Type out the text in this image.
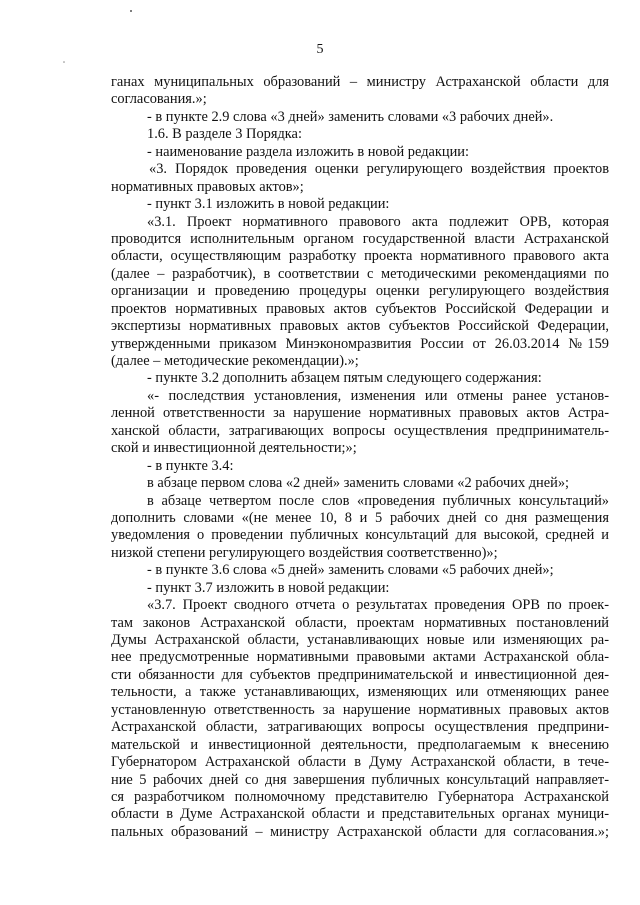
5
ганах муниципальных образований – министру Астраханской области для
согласования.»;
- в пункте 2.9 слова «3 дней» заменить словами «3 рабочих дней».
1.6. В разделе 3 Порядка:
- наименование раздела изложить в новой редакции:
«3. Порядок проведения оценки регулирующего воздействия проектов
нормативных правовых актов»;
- пункт 3.1 изложить в новой редакции:
«3.1. Проект нормативного правового акта подлежит ОРВ, которая
проводится исполнительным органом государственной власти Астраханской
области, осуществляющим разработку проекта нормативного правового акта
(далее – разработчик), в соответствии с методическими рекомендациями по
организации и проведению процедуры оценки регулирующего воздействия
проектов нормативных правовых актов субъектов Российской Федерации и
экспертизы нормативных правовых актов субъектов Российской Федерации,
утвержденными приказом Минэкономразвития России от 26.03.2014 №159
(далее – методические рекомендации).»;
- пункте 3.2 дополнить абзацем пятым следующего содержания:
«- последствия установления, изменения или отмены ранее установ-
ленной ответственности за нарушение нормативных правовых актов Астра-
ханской области, затрагивающих вопросы осуществления предприниматель-
ской и инвестиционной деятельности;»;
- в пункте 3.4:
в абзаце первом слова «2 дней» заменить словами «2 рабочих дней»;
в абзаце четвертом после слов «проведения публичных консультаций»
дополнить словами «(не менее 10, 8 и 5 рабочих дней со дня размещения
уведомления о проведении публичных консультаций для высокой, средней и
низкой степени регулирующего воздействия соответственно)»;
- в пункте 3.6 слова «5 дней» заменить словами «5 рабочих дней»;
- пункт 3.7 изложить в новой редакции:
«3.7. Проект сводного отчета о результатах проведения ОРВ по проек-
там законов Астраханской области, проектам нормативных постановлений
Думы Астраханской области, устанавливающих новые или изменяющих ра-
нее предусмотренные нормативными правовыми актами Астраханской обла-
сти обязанности для субъектов предпринимательской и инвестиционной дея-
тельности, а также устанавливающих, изменяющих или отменяющих ранее
установленную ответственность за нарушение нормативных правовых актов
Астраханской области, затрагивающих вопросы осуществления предприни-
мательской и инвестиционной деятельности, предполагаемым к внесению
Губернатором Астраханской области в Думу Астраханской области, в тече-
ние 5 рабочих дней со дня завершения публичных консультаций направляет-
ся разработчиком полномочному представителю Губернатора Астраханской
области в Думе Астраханской области и представительных органах муници-
пальных образований – министру Астраханской области для согласования.»;
